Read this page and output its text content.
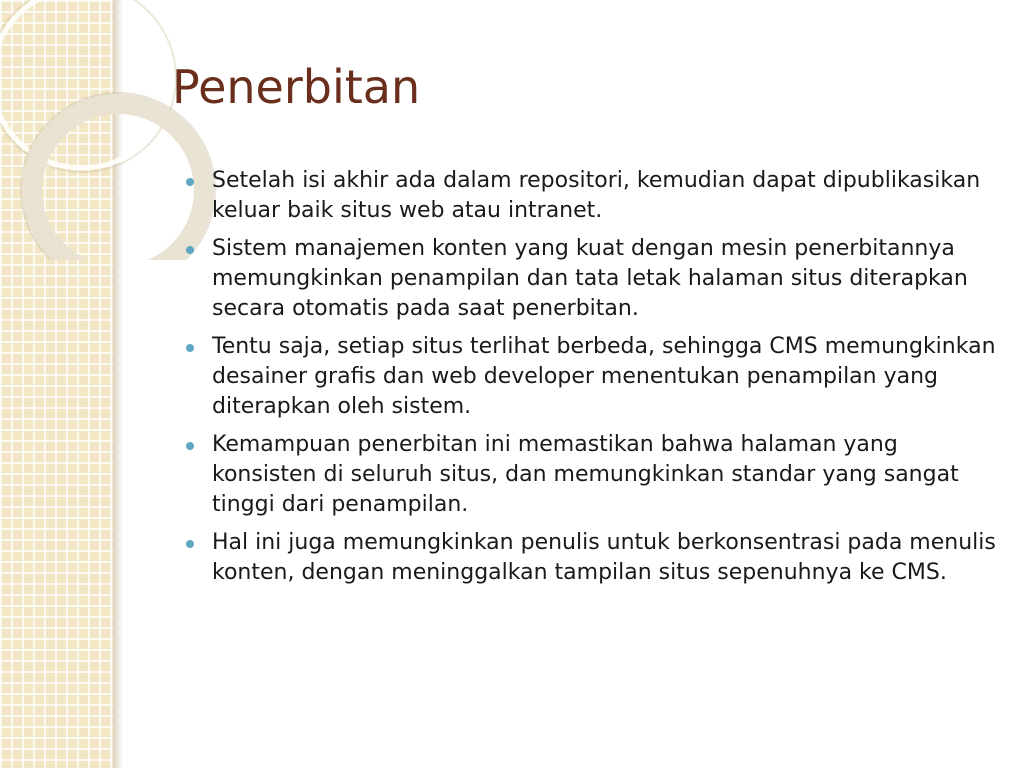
Penerbitan
Setelah isi akhir ada dalam repositori, kemudian dapat dipublikasikan keluar baik situs web atau intranet.
Sistem manajemen konten yang kuat dengan mesin penerbitannya memungkinkan penampilan dan tata letak halaman situs diterapkan secara otomatis pada saat penerbitan.
Tentu saja, setiap situs terlihat berbeda, sehingga CMS memungkinkan desainer grafis dan web developer menentukan penampilan yang diterapkan oleh sistem.
Kemampuan penerbitan ini memastikan bahwa halaman yang konsisten di seluruh situs, dan memungkinkan standar yang sangat tinggi dari penampilan.
Hal ini juga memungkinkan penulis untuk berkonsentrasi pada menulis konten, dengan meninggalkan tampilan situs sepenuhnya ke CMS.
